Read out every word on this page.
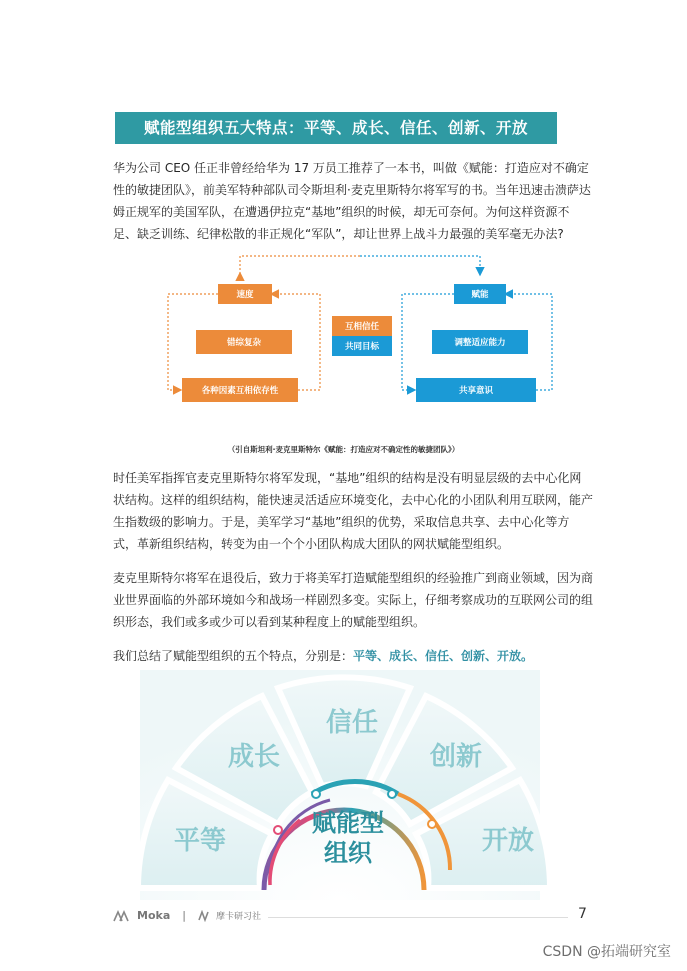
赋能型组织五大特点：平等、成长、信任、创新、开放
华为公司 CEO 任正非曾经给华为 17 万员工推荐了一本书，叫做《赋能：打造应对不确定性的敏捷团队》，前美军特种部队司令斯坦利·麦克里斯特尔将军写的书。当年迅速击溃萨达姆正规军的美国军队，在遭遇伊拉克“基地”组织的时候，却无可奈何。为何这样资源不足、缺乏训练、纪律松散的非正规化“军队”，却让世界上战斗力最强的美军毫无办法?
速度
错综复杂
各种因素互相依存性
互相信任
共同目标
赋能
调整适应能力
共享意识
（引自斯坦利·麦克里斯特尔《赋能：打造应对不确定性的敏捷团队》）
时任美军指挥官麦克里斯特尔将军发现，“基地”组织的结构是没有明显层级的去中心化网状结构。这样的组织结构，能快速灵活适应环境变化，去中心化的小团队利用互联网，能产生指数级的影响力。于是，美军学习“基地”组织的优势，采取信息共享、去中心化等方式，革新组织结构，转变为由一个个小团队构成大团队的网状赋能型组织。
麦克里斯特尔将军在退役后，致力于将美军打造赋能型组织的经验推广到商业领域，因为商业世界面临的外部环境如今和战场一样剧烈多变。实际上，仔细考察成功的互联网公司的组织形态，我们或多或少可以看到某种程度上的赋能型组织。
我们总结了赋能型组织的五个特点，分别是：平等、成长、信任、创新、开放。
平等
成长
信任
创新
开放
赋能型
组织
Moka |	摩卡研习社	7
CSDN @拓端研究室
